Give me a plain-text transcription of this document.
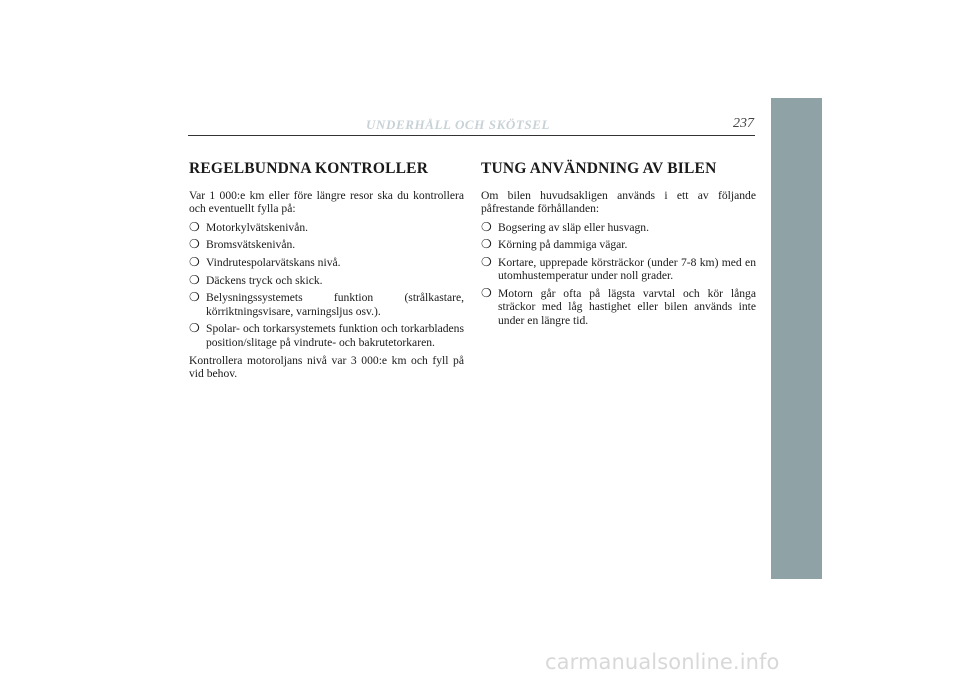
UNDERHÅLL OCH SKÖTSEL	237
REGELBUNDNA KONTROLLER

Var 1 000:e km eller före längre resor ska du kontrollera och eventuellt fylla på:

❍ Motorkylvätskenivån.
❍ Bromsvätskenivån.
❍ Vindrutespolarvätskans nivå.
❍ Däckens tryck och skick.
❍ Belysningssystemets funktion (strålkastare, körriktningsvisare, varningsljus osv.).
❍ Spolar- och torkarsystemets funktion och torkarbladens position/slitage på vindrute- och bakrutetorkaren.

Kontrollera motoroljans nivå var 3 000:e km och fyll på vid behov.

TUNG ANVÄNDNING AV BILEN

Om bilen huvudsakligen används i ett av följande påfrestande förhållanden:

❍ Bogsering av släp eller husvagn.
❍ Körning på dammiga vägar.
❍ Kortare, upprepade körsträckor (under 7-8 km) med en utomhustemperatur under noll grader.
❍ Motorn går ofta på lägsta varvtal och kör långa sträckor med låg hastighet eller bilen används inte under en längre tid.
carmanualsonline.info
